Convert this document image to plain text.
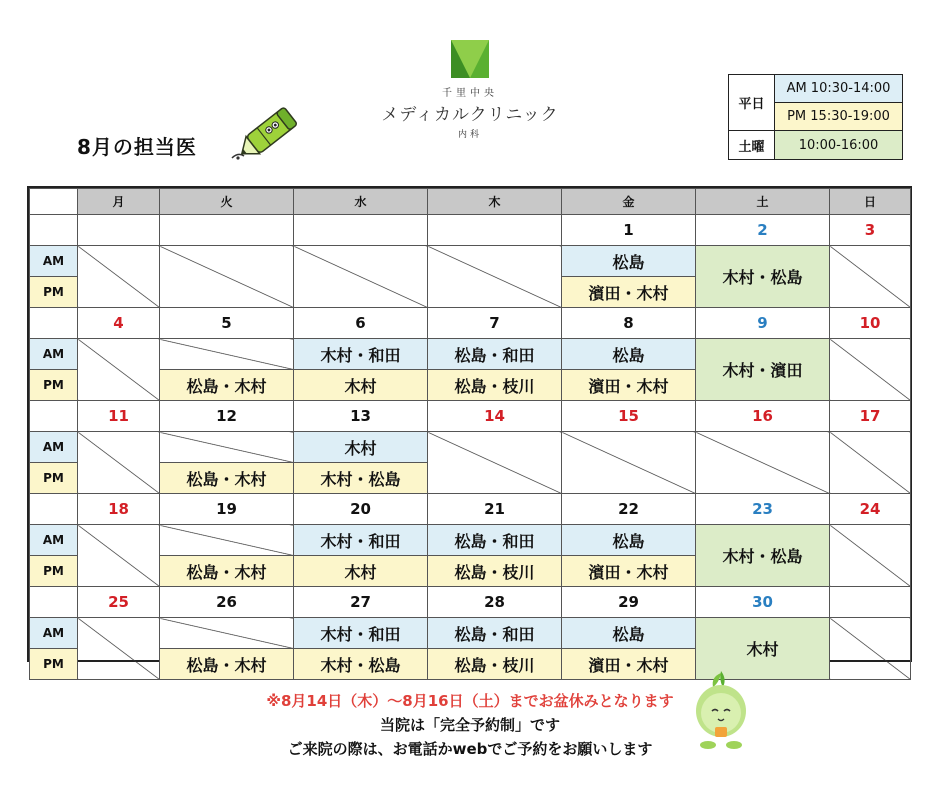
千里中央
メディカルクリニック
内科
8月の担当医
平日	AM 10:30-14:00
	PM 15:30-19:00
土曜	10:00-16:00
	月	火	水	木	金	土	日
					1	2	3
AM					松島	木村・松島	
PM					濱田・木村		
	4	5	6	7	8	9	10
AM			木村・和田	松島・和田	松島	木村・濱田	
PM		松島・木村	木村	松島・枝川	濱田・木村		
	11	12	13	14	15	16	17
AM			木村				
PM		松島・木村	木村・松島				
	18	19	20	21	22	23	24
AM			木村・和田	松島・和田	松島	木村・松島	
PM		松島・木村	木村	松島・枝川	濱田・木村		
	25	26	27	28	29	30	
AM			木村・和田	松島・和田	松島	木村	
PM		松島・木村	木村・松島	松島・枝川	濱田・木村		
※8月14日（木）～8月16日（土）までお盆休みとなります
当院は「完全予約制」です
ご来院の際は、お電話かwebでご予約をお願いします
